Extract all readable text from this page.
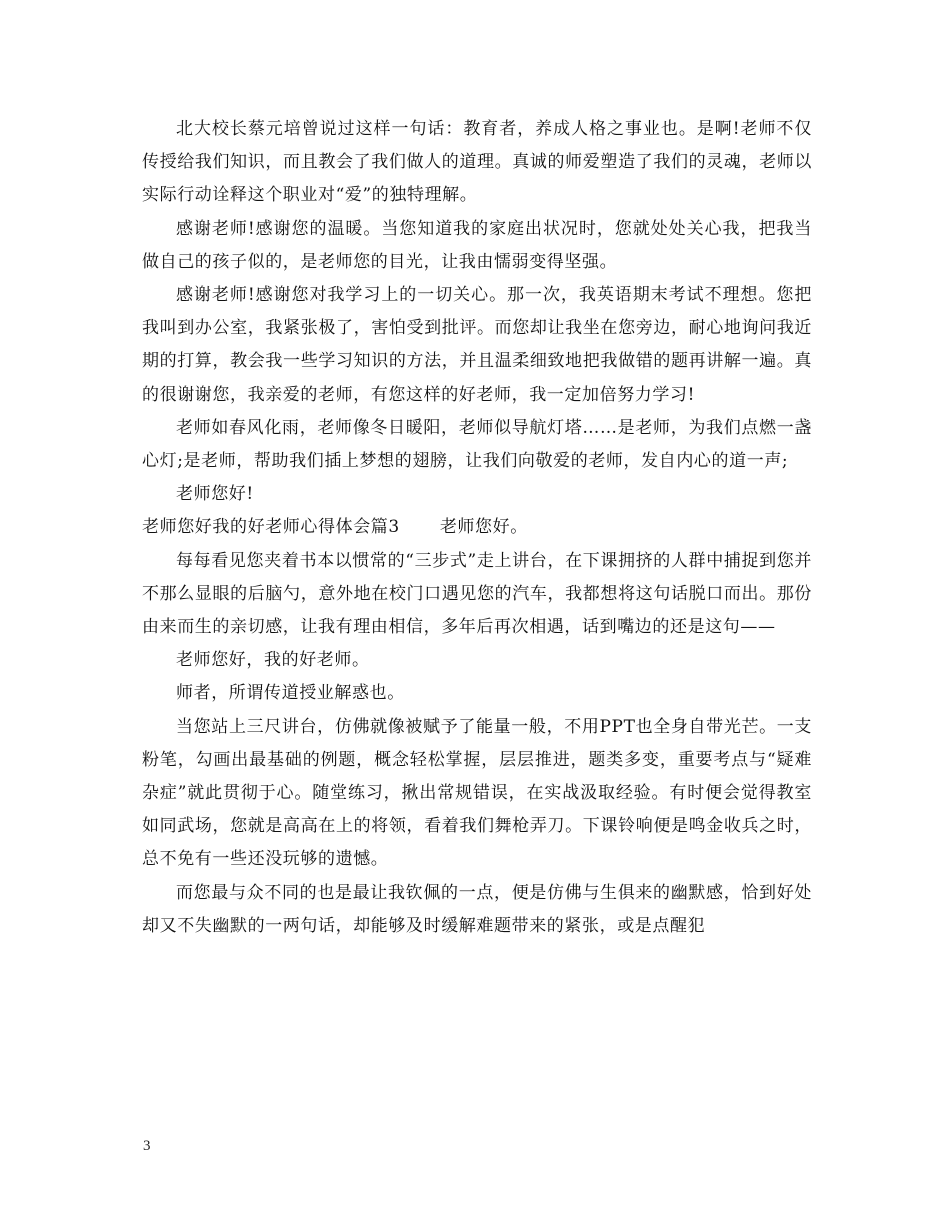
北大校长蔡元培曾说过这样一句话：教育者，养成人格之事业也。是啊!老师不仅传授给我们知识，而且教会了我们做人的道理。真诚的师爱塑造了我们的灵魂，老师以实际行动诠释这个职业对“爱”的独特理解。

感谢老师!感谢您的温暖。当您知道我的家庭出状况时，您就处处关心我，把我当做自己的孩子似的，是老师您的目光，让我由懦弱变得坚强。

感谢老师!感谢您对我学习上的一切关心。那一次，我英语期末考试不理想。您把我叫到办公室，我紧张极了，害怕受到批评。而您却让我坐在您旁边，耐心地询问我近期的打算，教会我一些学习知识的方法，并且温柔细致地把我做错的题再讲解一遍。真的很谢谢您，我亲爱的老师，有您这样的好老师，我一定加倍努力学习!

老师如春风化雨，老师像冬日暖阳，老师似导航灯塔……是老师，为我们点燃一盏心灯;是老师，帮助我们插上梦想的翅膀，让我们向敬爱的老师，发自内心的道一声;

老师您好!

老师您好我的好老师心得体会篇3 老师您好。

每每看见您夹着书本以惯常的“三步式”走上讲台，在下课拥挤的人群中捕捉到您并不那么显眼的后脑勺，意外地在校门口遇见您的汽车，我都想将这句话脱口而出。那份由来而生的亲切感，让我有理由相信，多年后再次相遇，话到嘴边的还是这句——

老师您好，我的好老师。

师者，所谓传道授业解惑也。

当您站上三尺讲台，仿佛就像被赋予了能量一般，不用PPT也全身自带光芒。一支粉笔，勾画出最基础的例题，概念轻松掌握，层层推进，题类多变，重要考点与“疑难杂症”就此贯彻于心。随堂练习，揪出常规错误，在实战汲取经验。有时便会觉得教室如同武场，您就是高高在上的将领，看着我们舞枪弄刀。下课铃响便是鸣金收兵之时，总不免有一些还没玩够的遗憾。

而您最与众不同的也是最让我钦佩的一点，便是仿佛与生俱来的幽默感，恰到好处却又不失幽默的一两句话，却能够及时缓解难题带来的紧张，或是点醒犯

3
